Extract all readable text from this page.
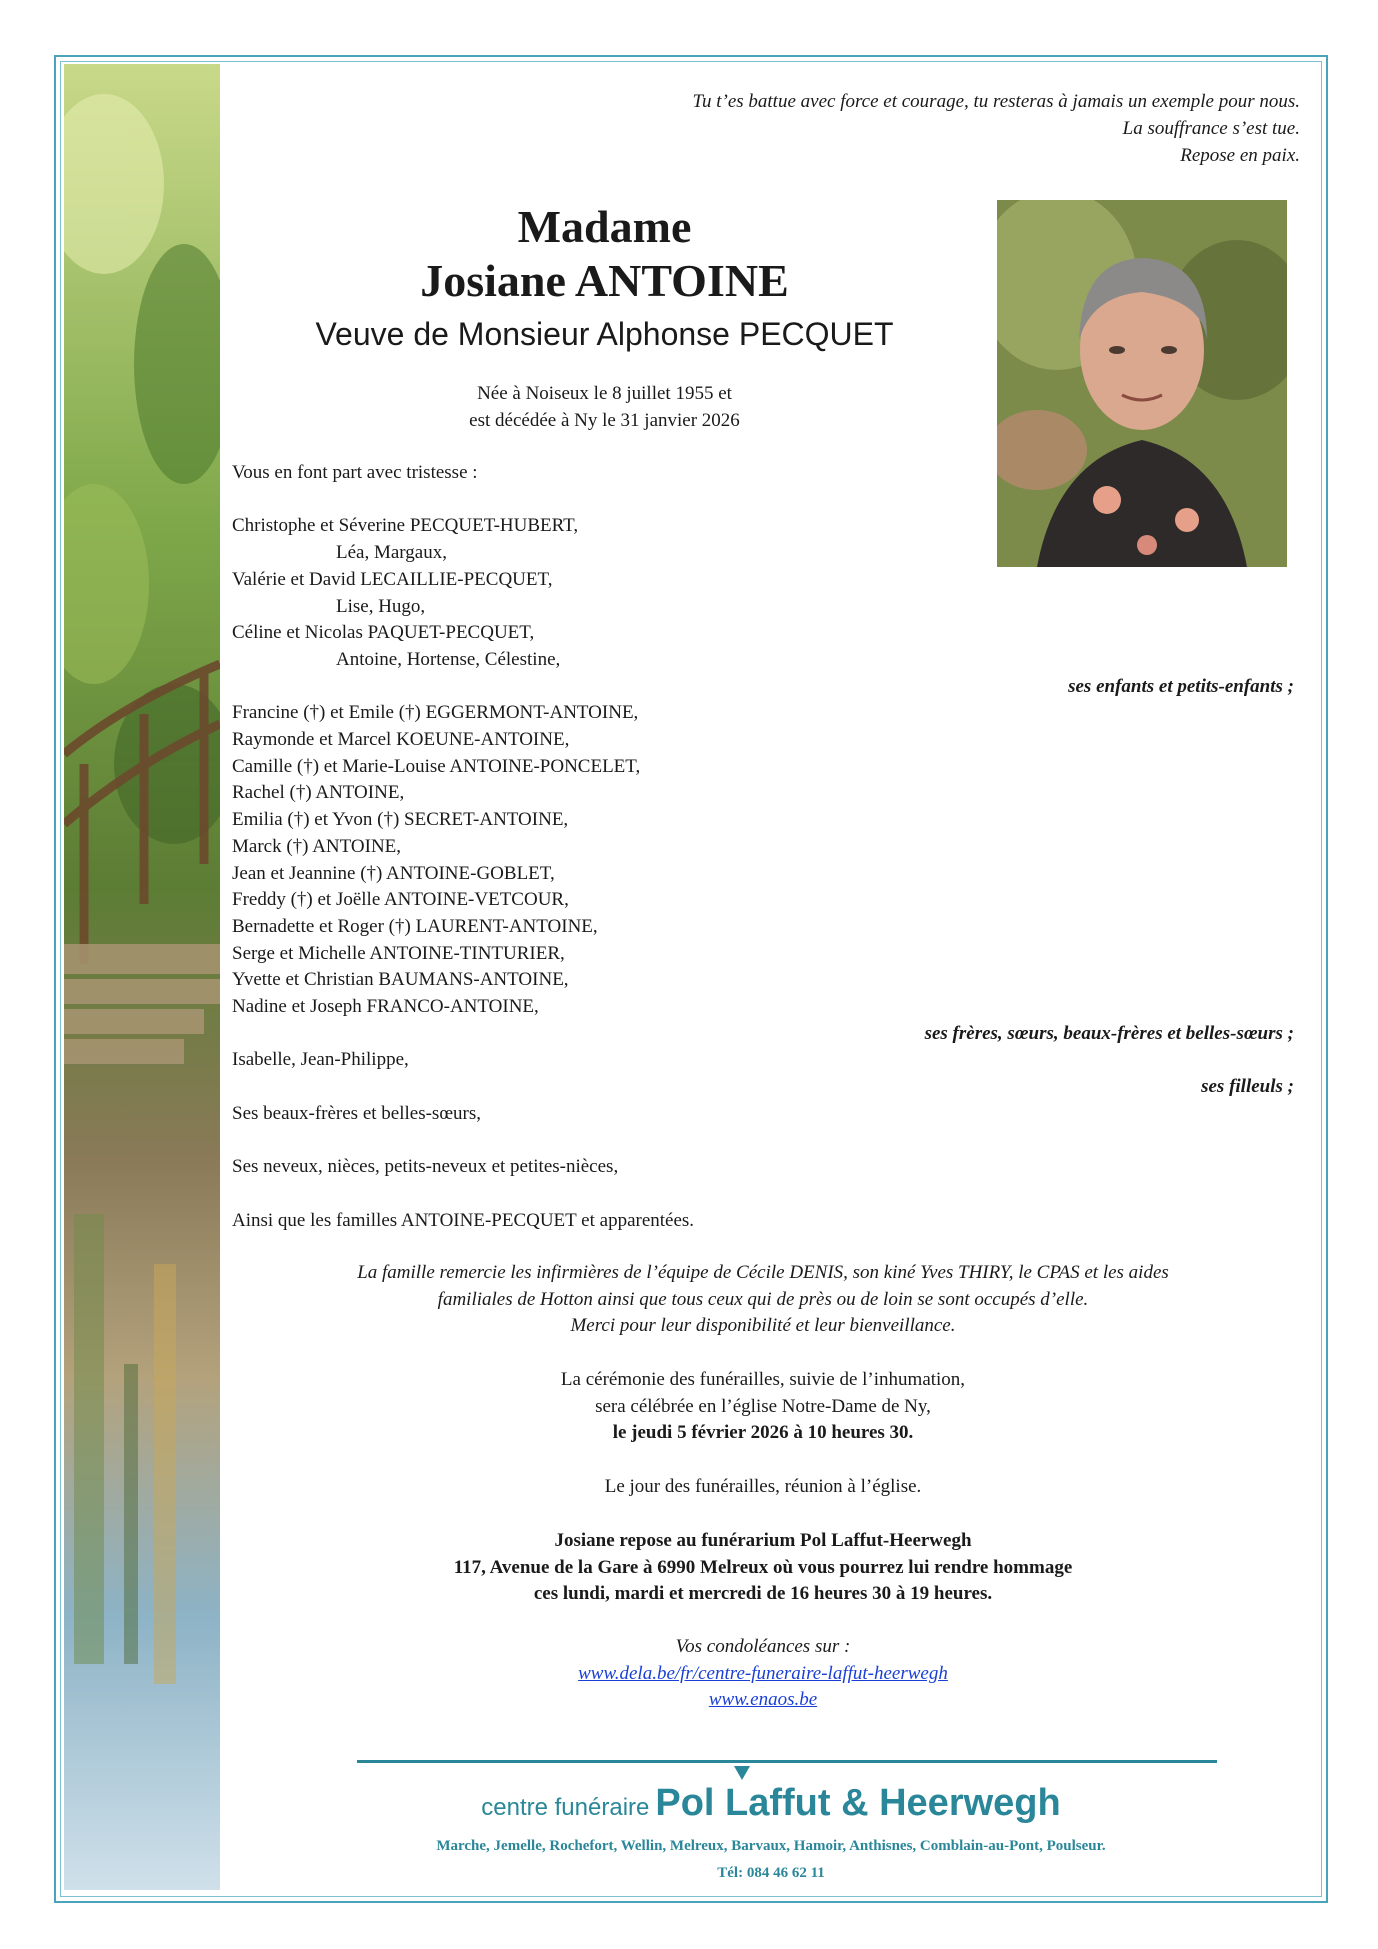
Tu t’es battue avec force et courage, tu resteras à jamais un exemple pour nous.
La souffrance s’est tue.
Repose en paix.
Madame
Josiane ANTOINE
Veuve de Monsieur Alphonse PECQUET
Née à Noiseux le 8 juillet 1955 et
est décédée à Ny le 31 janvier 2026
Vous en font part avec tristesse :
Christophe et Séverine PECQUET-HUBERT,
Léa, Margaux,
Valérie et David LECAILLIE-PECQUET,
Lise, Hugo,
Céline et Nicolas PAQUET-PECQUET,
Antoine, Hortense, Célestine,
ses enfants et petits-enfants ;
Francine (†) et Emile (†) EGGERMONT-ANTOINE,
Raymonde et Marcel KOEUNE-ANTOINE,
Camille (†) et Marie-Louise ANTOINE-PONCELET,
Rachel (†) ANTOINE,
Emilia (†) et Yvon (†) SECRET-ANTOINE,
Marck (†) ANTOINE,
Jean et Jeannine (†) ANTOINE-GOBLET,
Freddy (†) et Joëlle ANTOINE-VETCOUR,
Bernadette et Roger (†) LAURENT-ANTOINE,
Serge et Michelle ANTOINE-TINTURIER,
Yvette et Christian BAUMANS-ANTOINE,
Nadine et Joseph FRANCO-ANTOINE,
ses frères, sœurs, beaux-frères et belles-sœurs ;
Isabelle, Jean-Philippe,
ses filleuls ;
Ses beaux-frères et belles-sœurs,
Ses neveux, nièces, petits-neveux et petites-nièces,
Ainsi que les familles ANTOINE-PECQUET et apparentées.
La famille remercie les infirmières de l’équipe de Cécile DENIS, son kiné Yves THIRY, le CPAS et les aides
familiales de Hotton ainsi que tous ceux qui de près ou de loin se sont occupés d’elle.
Merci pour leur disponibilité et leur bienveillance.
La cérémonie des funérailles, suivie de l’inhumation,
sera célébrée en l’église Notre-Dame de Ny,
le jeudi 5 février 2026 à 10 heures 30.
Le jour des funérailles, réunion à l’église.
Josiane repose au funérarium Pol Laffut-Heerwegh
117, Avenue de la Gare à 6990 Melreux où vous pourrez lui rendre hommage
ces lundi, mardi et mercredi de 16 heures 30 à 19 heures.
Vos condoléances sur :
www.dela.be/fr/centre-funeraire-laffut-heerwegh
www.enaos.be
centre funéraire Pol Laffut & Heerwegh
Marche, Jemelle, Rochefort, Wellin, Melreux, Barvaux, Hamoir, Anthisnes, Comblain-au-Pont, Poulseur.
Tél: 084 46 62 11
